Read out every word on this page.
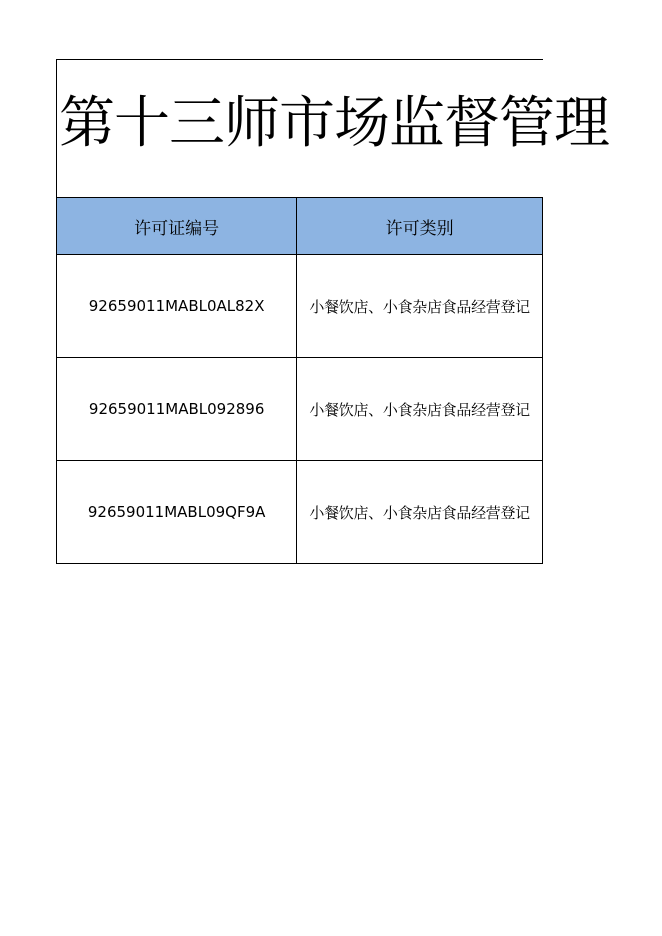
第十三师市场监督管理
许可证编号	许可类别
92659011MABL0AL82X	小餐饮店、小食杂店食品经营登记
92659011MABL092896	小餐饮店、小食杂店食品经营登记
92659011MABL09QF9A	小餐饮店、小食杂店食品经营登记
